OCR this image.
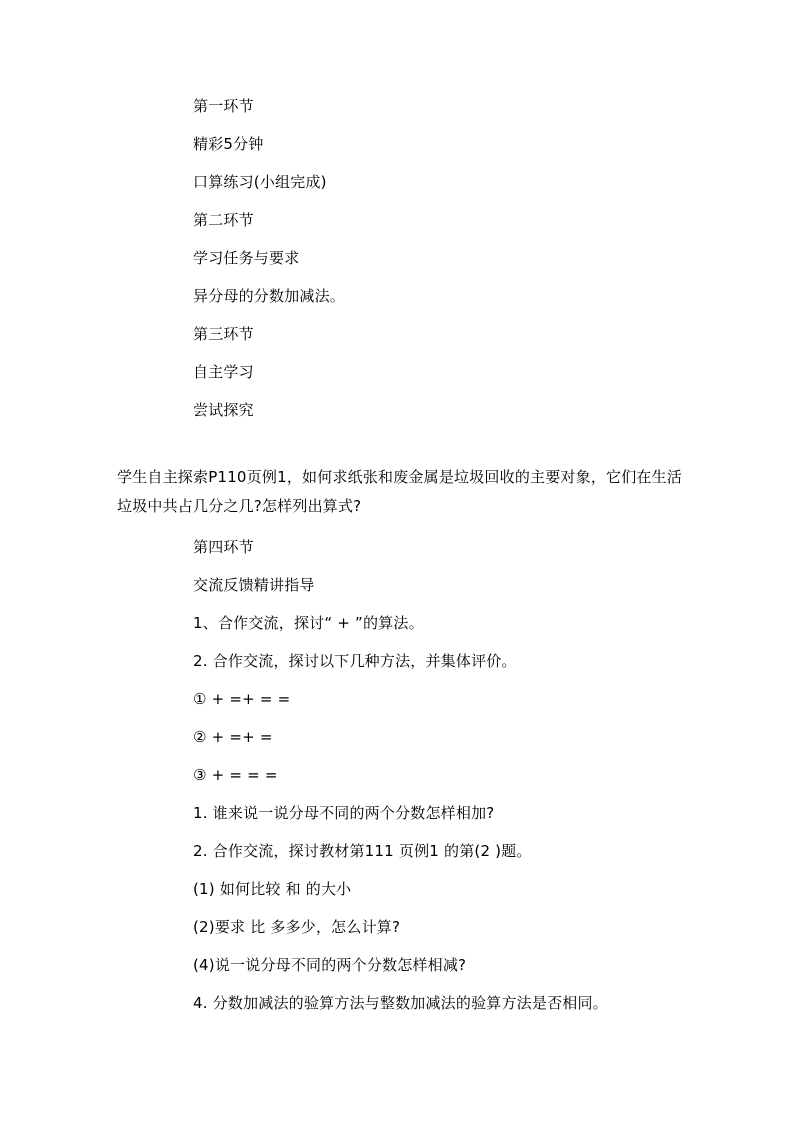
第一环节
精彩5分钟
口算练习(小组完成)
第二环节
学习任务与要求
异分母的分数加减法。
第三环节
自主学习
尝试探究
学生自主探索P110页例1，如何求纸张和废金属是垃圾回收的主要对象，它们在生活垃圾中共占几分之几?怎样列出算式?
第四环节
交流反馈精讲指导
1、合作交流，探讨“ + ”的算法。
2. 合作交流，探讨以下几种方法，并集体评价。
① + =+ = =
② + =+ =
③ + = = =
1. 谁来说一说分母不同的两个分数怎样相加?
2. 合作交流，探讨教材第111 页例1 的第(2 )题。
(1) 如何比较 和 的大小
(2)要求 比 多多少，怎么计算?
(4)说一说分母不同的两个分数怎样相减?
4. 分数加减法的验算方法与整数加减法的验算方法是否相同。
